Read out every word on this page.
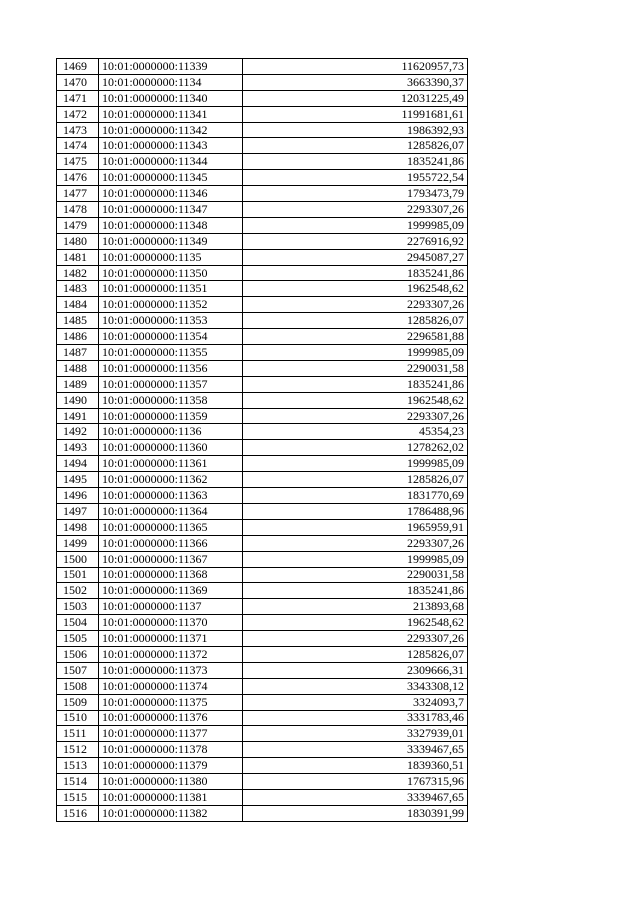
1469	10:01:0000000:11339	11620957,73
1470	10:01:0000000:1134	3663390,37
1471	10:01:0000000:11340	12031225,49
1472	10:01:0000000:11341	11991681,61
1473	10:01:0000000:11342	1986392,93
1474	10:01:0000000:11343	1285826,07
1475	10:01:0000000:11344	1835241,86
1476	10:01:0000000:11345	1955722,54
1477	10:01:0000000:11346	1793473,79
1478	10:01:0000000:11347	2293307,26
1479	10:01:0000000:11348	1999985,09
1480	10:01:0000000:11349	2276916,92
1481	10:01:0000000:1135	2945087,27
1482	10:01:0000000:11350	1835241,86
1483	10:01:0000000:11351	1962548,62
1484	10:01:0000000:11352	2293307,26
1485	10:01:0000000:11353	1285826,07
1486	10:01:0000000:11354	2296581,88
1487	10:01:0000000:11355	1999985,09
1488	10:01:0000000:11356	2290031,58
1489	10:01:0000000:11357	1835241,86
1490	10:01:0000000:11358	1962548,62
1491	10:01:0000000:11359	2293307,26
1492	10:01:0000000:1136	45354,23
1493	10:01:0000000:11360	1278262,02
1494	10:01:0000000:11361	1999985,09
1495	10:01:0000000:11362	1285826,07
1496	10:01:0000000:11363	1831770,69
1497	10:01:0000000:11364	1786488,96
1498	10:01:0000000:11365	1965959,91
1499	10:01:0000000:11366	2293307,26
1500	10:01:0000000:11367	1999985,09
1501	10:01:0000000:11368	2290031,58
1502	10:01:0000000:11369	1835241,86
1503	10:01:0000000:1137	213893,68
1504	10:01:0000000:11370	1962548,62
1505	10:01:0000000:11371	2293307,26
1506	10:01:0000000:11372	1285826,07
1507	10:01:0000000:11373	2309666,31
1508	10:01:0000000:11374	3343308,12
1509	10:01:0000000:11375	3324093,7
1510	10:01:0000000:11376	3331783,46
1511	10:01:0000000:11377	3327939,01
1512	10:01:0000000:11378	3339467,65
1513	10:01:0000000:11379	1839360,51
1514	10:01:0000000:11380	1767315,96
1515	10:01:0000000:11381	3339467,65
1516	10:01:0000000:11382	1830391,99
